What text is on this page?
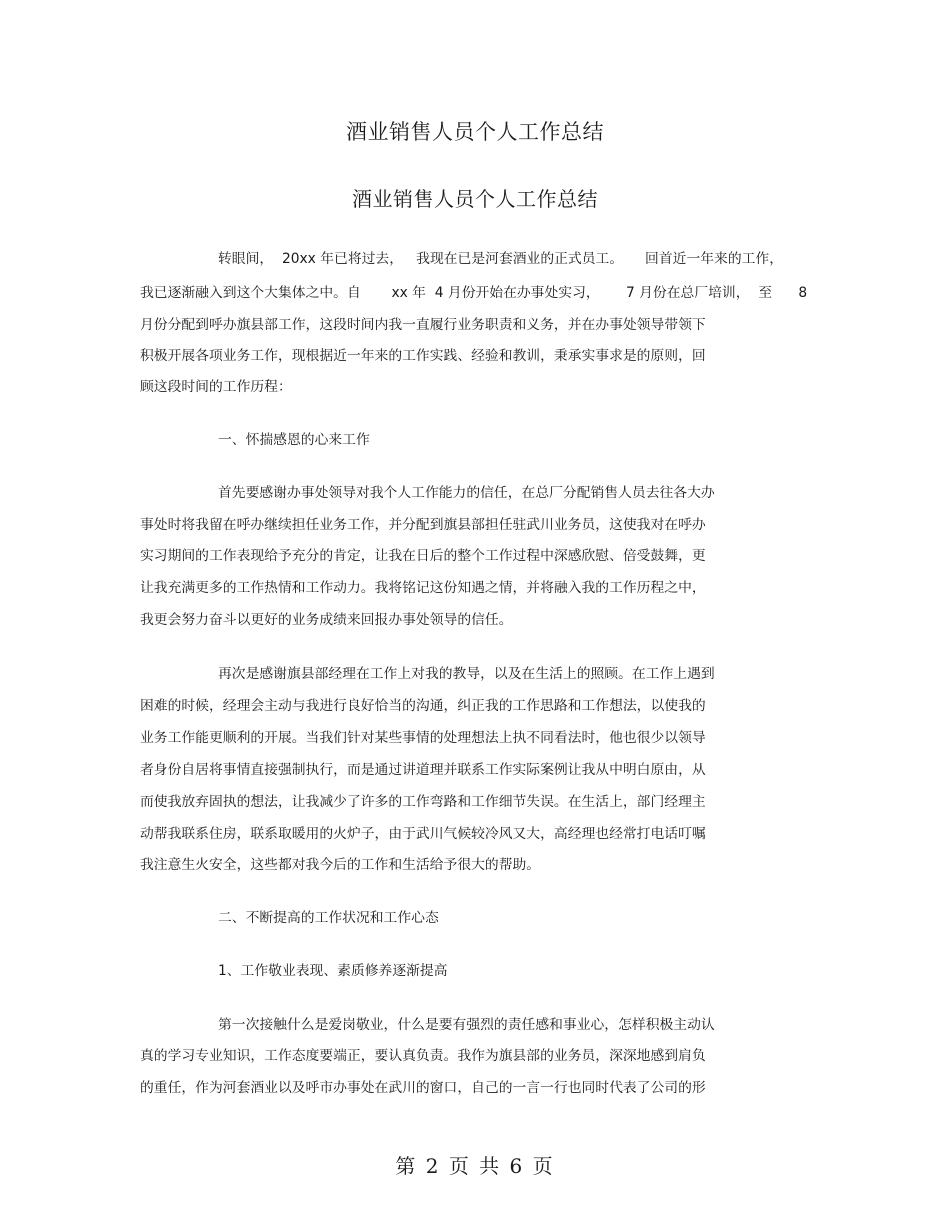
酒业销售人员个人工作总结
酒业销售人员个人工作总结
转眼间，  20xx 年已将过去，   我现在已是河套酒业的正式员工。     回首近一年来的工作，
我已逐渐融入到这个大集体之中。自       xx 年  4 月份开始在办事处实习，      7 月份在总厂培训，  至      8
月份分配到呼办旗县部工作，这段时间内我一直履行业务职责和义务，并在办事处领导带领下
积极开展各项业务工作，现根据近一年来的工作实践、经验和教训，秉承实事求是的原则，回
顾这段时间的工作历程：
一、怀揣感恩的心来工作
首先要感谢办事处领导对我个人工作能力的信任，在总厂分配销售人员去往各大办
事处时将我留在呼办继续担任业务工作，并分配到旗县部担任驻武川业务员，这使我对在呼办
实习期间的工作表现给予充分的肯定，让我在日后的整个工作过程中深感欣慰、倍受鼓舞，更
让我充满更多的工作热情和工作动力。我将铭记这份知遇之情，并将融入我的工作历程之中，
我更会努力奋斗以更好的业务成绩来回报办事处领导的信任。
再次是感谢旗县部经理在工作上对我的教导，以及在生活上的照顾。在工作上遇到
困难的时候，经理会主动与我进行良好恰当的沟通，纠正我的工作思路和工作想法，以使我的
业务工作能更顺利的开展。当我们针对某些事情的处理想法上执不同看法时，他也很少以领导
者身份自居将事情直接强制执行，而是通过讲道理并联系工作实际案例让我从中明白原由，从
而使我放弃固执的想法，让我减少了许多的工作弯路和工作细节失误。在生活上，部门经理主
动帮我联系住房，联系取暖用的火炉子，由于武川气候较冷风又大，高经理也经常打电话叮嘱
我注意生火安全，这些都对我今后的工作和生活给予很大的帮助。
二、不断提高的工作状况和工作心态
1、工作敬业表现、素质修养逐渐提高
第一次接触什么是爱岗敬业，什么是要有强烈的责任感和事业心，怎样积极主动认
真的学习专业知识，工作态度要端正，要认真负责。我作为旗县部的业务员，深深地感到肩负
的重任，作为河套酒业以及呼市办事处在武川的窗口，自己的一言一行也同时代表了公司的形
第 2 页 共 6 页
